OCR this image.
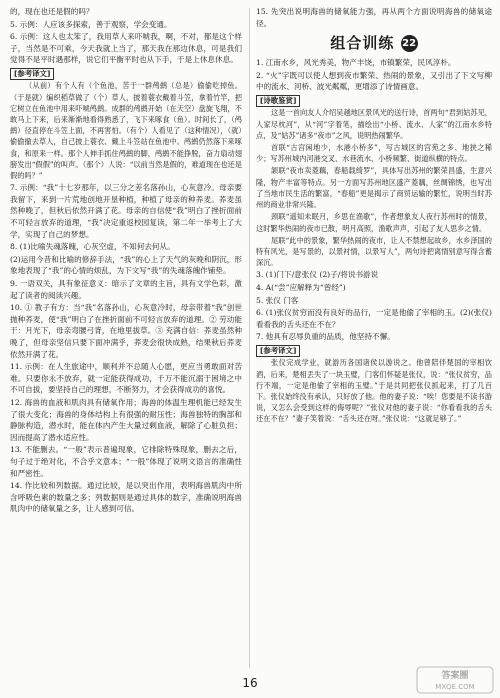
的，现在也还是假的吗？

5. 示例：人应该多探索，善于观察，学会变通。

6. 示例：这人也太笨了，我用草人来吓唬我，啊，不对，都是这个样子，当然是不可乘，今天我就上当了，那天我在那边休息，可是我们觉得不是平时遇那样，说它们平衡平时也从下手，于是上休息休息。

[参考译文]

（从前）有个人有（个鱼池，苦于一群鸬鹚（总是）偷偷吃掉鱼。（于是就）编织稻草做了（个）草人，披着蓑衣戴着斗笠，拿着竹竿，把它树立在鱼池中用来吓唬鸬鹚。成群的鸬鹚开始（在天空）盘旋飞翔，不敢马上下来，后来渐渐地看得熟悉了，飞下来啄食（鱼）。时间长了，（鸬鹚）径直停在斗笠上面，不再害怕。（有个）人看见了（这种情况），（就）偷偷撤去草人，自己披上蓑衣、戴上斗笠站在鱼池中。鸬鹚仍然落下来啄食，和原来一样。那个人伸手抓住鸬鹚的脚，鸬鹚不能挣脱，奋力扇动翅膀发出“假假”的叫声。（那个）人说：“以前当然是假的，难道现在也还是假的吗？”

7. 示例：“我”十七岁那年，以三分之差名落孙山，心灰意冷。母亲要我留下，来到一片荒地创地开垦种植，种植了母亲的种养麦。荞麦虽然种晚了，但秋后依然开满了花。母亲的自信使“我”明白了挫折面前不可轻言放弃的道理，“我”决定重返校园复读，第二年一举考上了大学，实现了自己的梦想。

8. (1)比喻失魂落魄，心灰空虚，不知何去何从。

(2)运用今昔和比喻的修辞手法，“我”的心上了天气的灰晚和阴沉，形象地表现了“我”的心情的烦乱，为下文写“我”的失魂落魄作铺垫。

9. 一语双关，具有象征意义：暗示了文章的主旨，具有文学色彩，激起了读者的阅读兴趣。

10. ① 教子有方：当“我”名落孙山，心灰意冷时，母亲带着“我”创世抛种荞麦，使“我”明白了在挫折面前不可轻言放弃的道理。② 劳动能干：月光下，母亲弯腰弓背，在地里拔草。③ 充满自信：荞麦虽然种晚了，但母亲坚信只要下面冲满乎，荞麦会很快成熟，结果秋后荞麦依然开满了花。

11. 示例：在人生旅途中，顺利并不总随人心愿，更应当勇敢面对苦难。只要你永不放弃，就一定能获得成功，千万不能沉溺于困境之中不可自拔，要坚持自己的理想，不断努力，才会获得成功的喜悦。

12. 海兽的血液和肌肉具有储氧作用；海兽的体温生理机能已经发生了很大变化；海兽的身体结构上有很强的耐压性；海兽独特的胸部和静脉构造，潜水时，能在体内产生大量过剩血液，解除了心脏负担；因而提高了潜水适应性。

13. 不能删去。“一般”表示普遍现象，它排除特殊现象，删去之后，句子过于绝对化，不合乎文意本；“一般”体现了说明文语言的准确性和严密性。

14. 作比较和列数据。通过比较，是以突出作用，表明海兽肌肉中所含呼吸色素的数量之多；列数据则是通过具体的数字，准确说明海兽肌肉中的储氧量之多，让人感到可信。

15. 先突出说明海兽的储氧能力强，再从两个方面说明海兽的储氧途径。

组合训练 22

1. 江南水乡，风光秀美，物产丰饶，市镇繁荣，民风淳朴。

2. “火”字既可以使人想到夜市繁荣、热闹的景象，又引出了下文写柳中的流水、河桥、波光粼粼，更增添了诗情画意。

[诗歌鉴赏]

这是一首向友人介绍吴越地区景风光的送行诗，首两句“君到姑苏见，人家尽枕河”，从“河”字着笔，描绘出“小桥、流水、人家”的江南水乡特点，及“姑苏”诸多“夜市”之风，说明热闹繁华。

首联“古宫闲地少，水港小桥多”，写古城区的宫苑之多、地狭之稀少；写苏州城内河港交叉、水巷流水、小桥频繁、街道纵横的特点。

颔联“夜市卖菱藕，春船载绮罗”，具体写出苏州的繁荣昌盛，生意兴隆，物产丰富等特点。另一方面写苏州地区盛产菱藕，丝绸锦绣，也写出了当地市民生活的繁富，“春船”更是揭示了商贸运输的繁忙，说明当时苏州的商业非常兴隆。

颈联“遥知未眠月，乡思在渔歌”，作者想象友人夜行苏州时的情景，这时繁华热闹的夜市已散，明月高照，渔歌声声，引起了友人思乡之情。

尾联“此中的景象，繁华热闹的夜市，让人不禁想起故乡，水乡泽国的特有风光，是写景的，以景衬情，以景写人”，两句诗把离情别意写得含蓄深沉。

3. (1)门下/意张仪 (2)子/将说书游说

4. A(“尝”应解释为“曾经”)

5. 张仪 门客

6. (1)张仪贫穷而没有良好的品行，一定是他偷了宰相的玉。(2)(张仪)看看我的舌头还在不在？

7. 他具有忍辱负重的品质，他坚持不懈。

[参考译文]

张仪完成学业，就游历各国诸侯以游说之。他曾陪伴楚国的宰相饮酒，后来，楚相丢失了一块玉璧，门客们怀疑是张仪，说：“张仪贫穷，品行不端，一定是他偷了宰相的玉璧。”于是共同把张仪抓起来，打了几百下。张仪始终没有承认，只好放了他。他的妻子说：“唉！您要是不读书游说，又怎么会受到这样的侮辱呢？”张仪对他的妻子说：“你看看我的舌头还在不在？”妻子笑着说：“舌头还在呀。”张仪说：“这就足够了。”

16	答案圈
MXQE.COM
